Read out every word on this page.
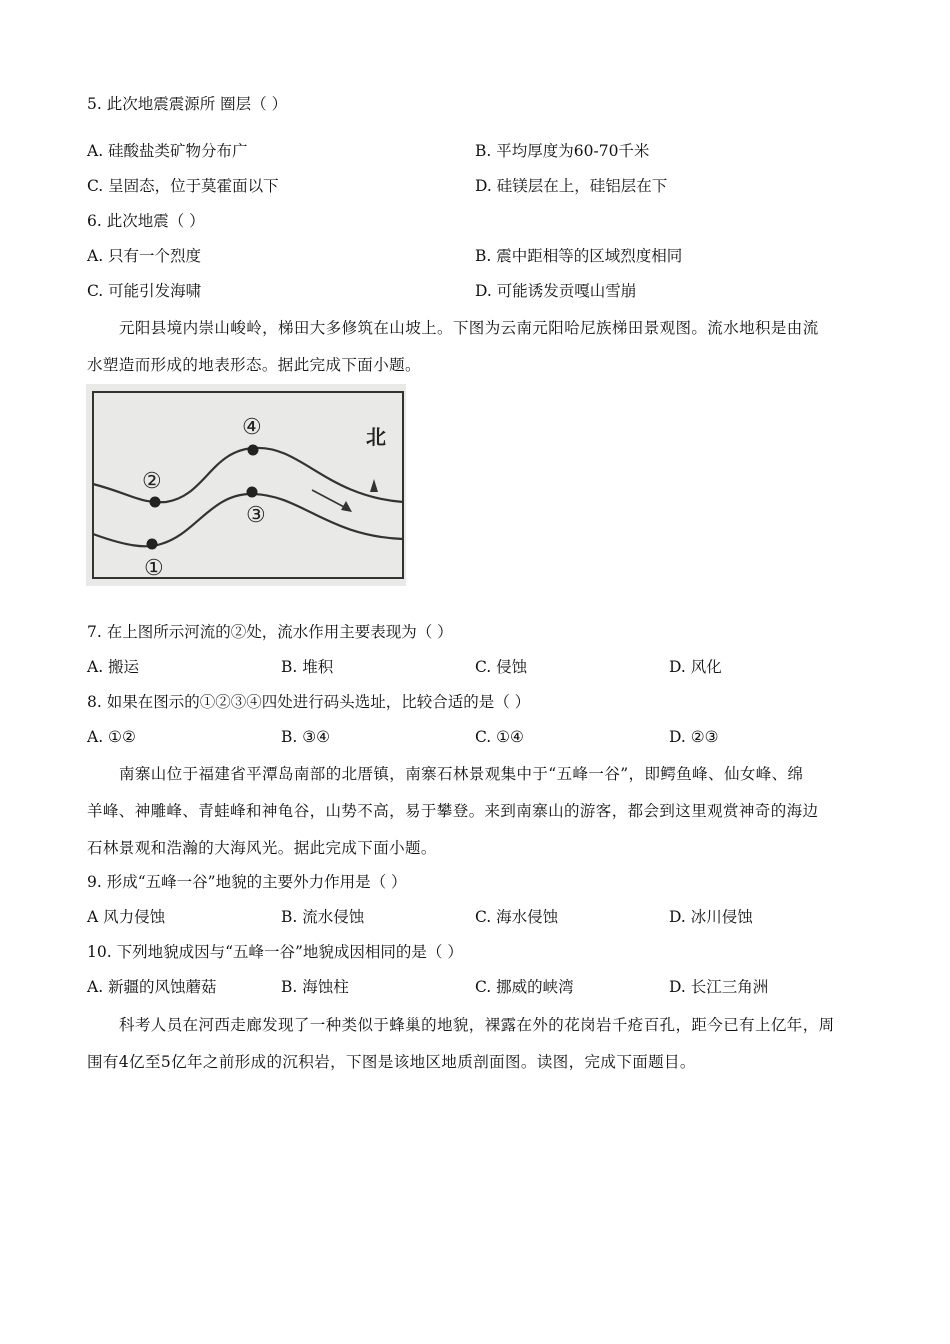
5. 此次地震震源所 圈层（ ）
A. 硅酸盐类矿物分布广	B. 平均厚度为60-70千米
C. 呈固态，位于莫霍面以下	D. 硅镁层在上，硅铝层在下
6. 此次地震（ ）
A. 只有一个烈度	B. 震中距相等的区域烈度相同
C. 可能引发海啸	D. 可能诱发贡嘎山雪崩
元阳县境内崇山峻岭，梯田大多修筑在山坡上。下图为云南元阳哈尼族梯田景观图。流水地积是由流
水塑造而形成的地表形态。据此完成下面小题。
北
②
④
③
①
7. 在上图所示河流的②处，流水作用主要表现为（ ）
A. 搬运	B. 堆积	C. 侵蚀	D. 风化
8. 如果在图示的①②③④四处进行码头选址，比较合适的是（ ）
A. ①②	B. ③④	C. ①④	D. ②③
南寨山位于福建省平潭岛南部的北厝镇，南寨石林景观集中于“五峰一谷”，即鳄鱼峰、仙女峰、绵
羊峰、神雕峰、青蛙峰和神龟谷，山势不高，易于攀登。来到南寨山的游客，都会到这里观赏神奇的海边
石林景观和浩瀚的大海风光。据此完成下面小题。
9. 形成“五峰一谷”地貌的主要外力作用是（ ）
A 风力侵蚀	B. 流水侵蚀	C. 海水侵蚀	D. 冰川侵蚀
10. 下列地貌成因与“五峰一谷”地貌成因相同的是（ ）
A. 新疆的风蚀蘑菇	B. 海蚀柱	C. 挪威的峡湾	D. 长江三角洲
科考人员在河西走廊发现了一种类似于蜂巢的地貌，裸露在外的花岗岩千疮百孔，距今已有上亿年，周
围有4亿至5亿年之前形成的沉积岩，下图是该地区地质剖面图。读图，完成下面题目。
